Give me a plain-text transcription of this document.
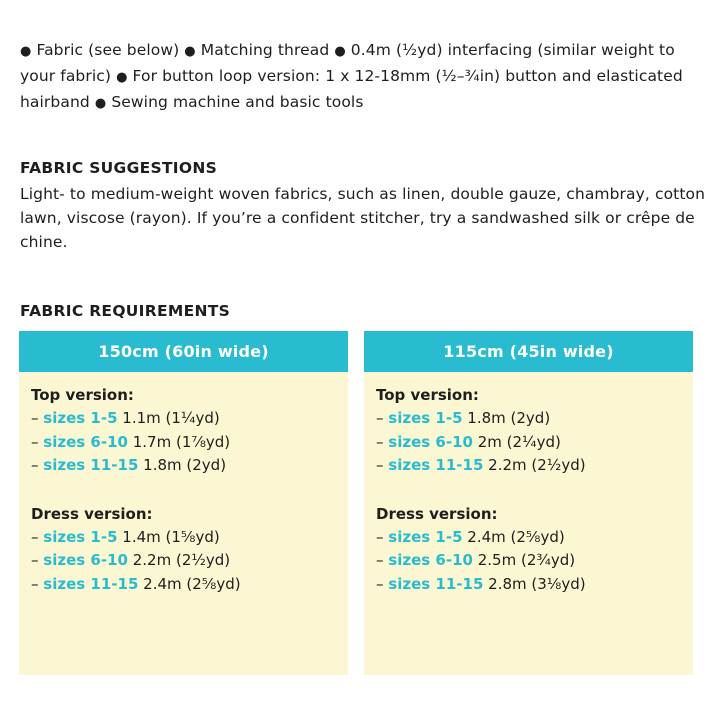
● Fabric (see below) ● Matching thread ● 0.4m (½yd) interfacing (similar weight to your fabric) ● For button loop version: 1 x 12-18mm (½–¾in) button and elasticated hairband ● Sewing machine and basic tools
FABRIC SUGGESTIONS
Light- to medium-weight woven fabrics, such as linen, double gauze, chambray, cotton lawn, viscose (rayon). If you’re a confident stitcher, try a sandwashed silk or crêpe de chine.
FABRIC REQUIREMENTS
150cm (60in wide)
Top version:
– sizes 1-5 1.1m (1¼yd)
– sizes 6-10 1.7m (1⅞yd)
– sizes 11-15 1.8m (2yd)
Dress version:
– sizes 1-5 1.4m (1⅝yd)
– sizes 6-10 2.2m (2½yd)
– sizes 11-15 2.4m (2⅝yd)
115cm (45in wide)
Top version:
– sizes 1-5 1.8m (2yd)
– sizes 6-10 2m (2¼yd)
– sizes 11-15 2.2m (2½yd)
Dress version:
– sizes 1-5 2.4m (2⅝yd)
– sizes 6-10 2.5m (2¾yd)
– sizes 11-15 2.8m (3⅛yd)
